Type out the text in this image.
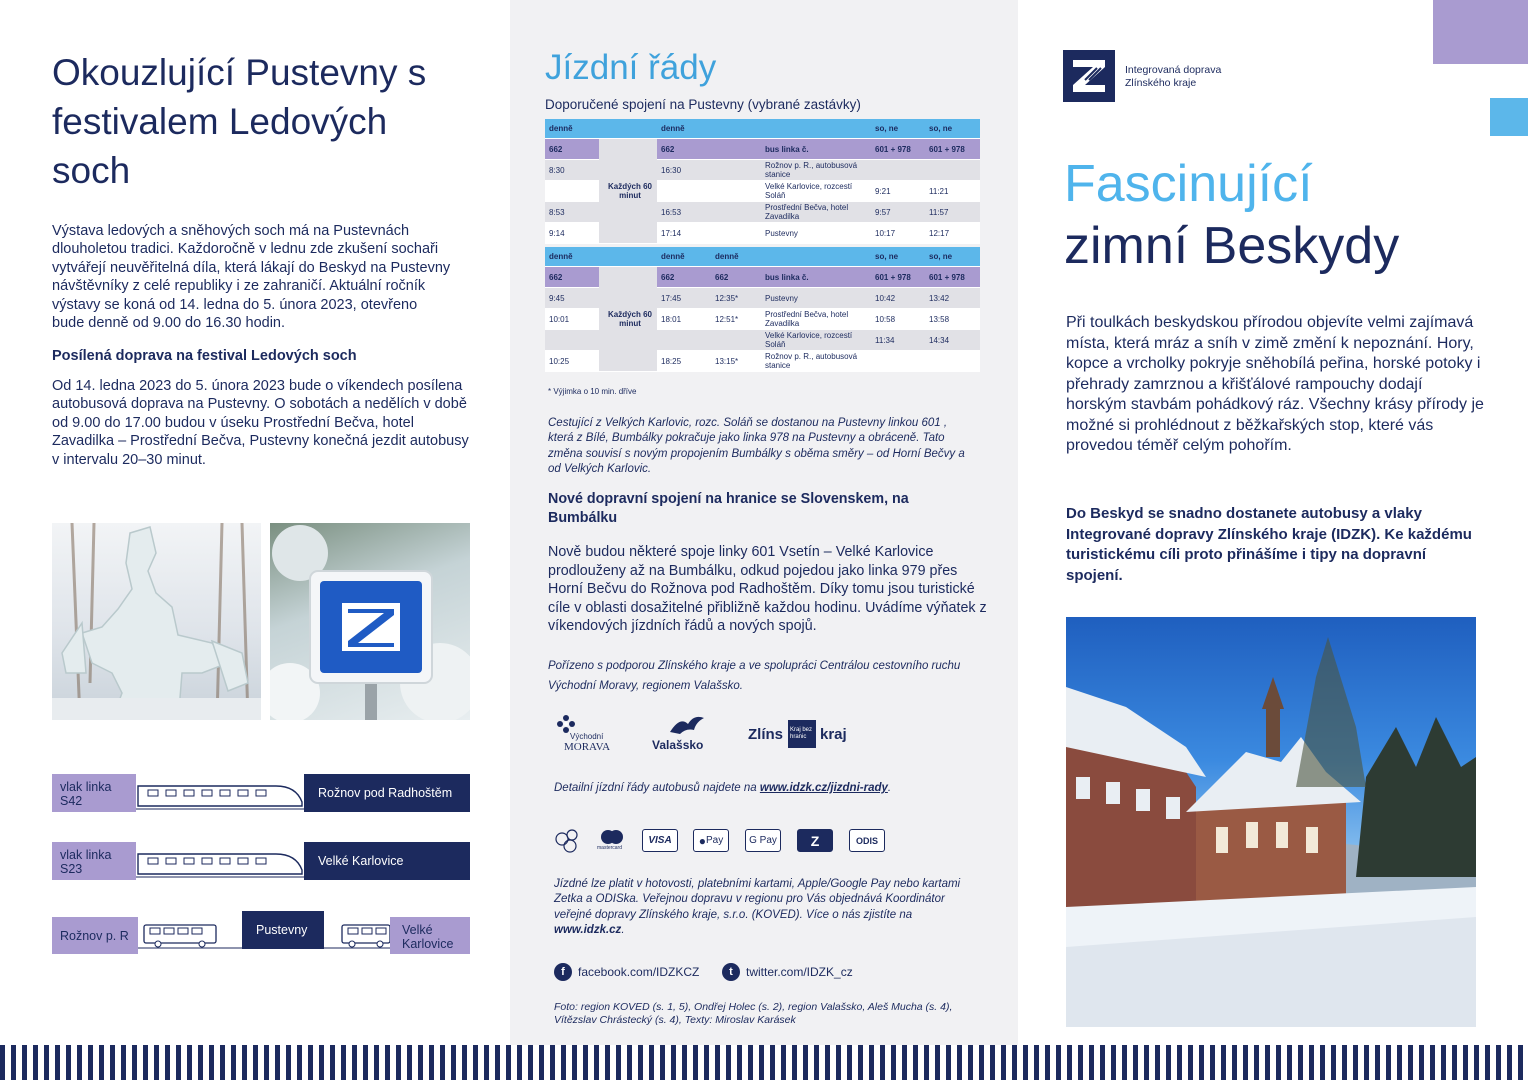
Okouzlující Pustevny s festivalem Ledových soch
Výstava ledových a sněhových soch má na Pustevnách dlouholetou tradici. Každoročně v lednu zde zkušení sochaři vytvářejí neuvěřitelná díla, která lákají do Beskyd na Pustevny návštěvníky z celé republiky i ze zahraničí. Aktuální ročník výstavy se koná od 14. ledna do 5. února 2023, otevřeno bude denně od 9.00 do 16.30 hodin.
Posílená doprava na festival Ledových soch
Od 14. ledna 2023 do 5. února 2023 bude o víkendech posílena autobusová doprava na Pustevny. O sobotách a nedělích v době od 9.00 do 17.00 budou v úseku Prostřední Bečva, hotel Zavadilka – Prostřední Bečva, Pustevny konečná jezdit autobusy v intervalu 20–30 minut.
vlak linka S42
Rožnov pod Radhoštěm
vlak linka S23
Velké Karlovice
Rožnov p. R	Pustevny	Velké Karlovice
Jízdní řády
Doporučené spojení na Pustevny (vybrané zastávky)
denně		denně		so, ne	so, ne
662	Každých 60 minut	662	bus linka č.	601 + 978	601 + 978
8:30		16:30	Rožnov p. R., autobusová stanice		
			Velké Karlovice, rozcestí Soláň	9:21	11:21
8:53		16:53	Prostřední Bečva, hotel Zavadilka	9:57	11:57
9:14		17:14	Pustevny	10:17	12:17
denně		denně	denně		so, ne	so, ne
662	Každých 60 minut	662	662	bus linka č.	601 + 978	601 + 978
9:45		17:45	12:35*	Pustevny	10:42	13:42
10:01		18:01	12:51*	Prostřední Bečva, hotel Zavadilka	10:58	13:58
				Velké Karlovice, rozcestí Soláň	11:34	14:34
10:25		18:25	13:15*	Rožnov p. R., autobusová stanice		
* Výjimka o 10 min. dříve
Cestující z Velkých Karlovic, rozc. Soláň se dostanou na Pustevny linkou 601 , která z Bílé, Bumbálky pokračuje jako linka 978 na Pustevny a obráceně. Tato změna souvisí s novým propojením Bumbálky s oběma směry – od Horní Bečvy a od Velkých Karlovic.
Nové dopravní spojení na hranice se Slovenskem, na Bumbálku
Nově budou některé spoje linky 601 Vsetín – Velké Karlovice prodlouženy až na Bumbálku, odkud pojedou jako linka 979 přes Horní Bečvu do Rožnova pod Radhoštěm. Díky tomu jsou turistické cíle v oblasti dosažitelné přibližně každou hodinu. Uvádíme výňatek z víkendových jízdních řádů a nových spojů.
Pořízeno s podporou Zlínského kraje a ve spolupráci Centrálou cestovního ruchu Východní Moravy, regionem Valašsko.
Východní
MORAVA	Valašsko
Zlíns	Kraj bez hranic kraj
Detailní jízdní řády autobusů najdete na www.idzk.cz/jizdni-rady.
mastercard
VISA	● Pay	G Pay	Z	ODIS
Jízdné lze platit v hotovosti, platebními kartami, Apple/Google Pay nebo kartami Zetka a ODISka. Veřejnou dopravu v regionu pro Vás objednává Koordinátor veřejné dopravy Zlínského kraje, s.r.o. (KOVED). Více o nás zjistíte na www.idzk.cz.
f	facebook.com/IDZKCZ	t	twitter.com/IDZK_cz
Foto: region KOVED (s. 1, 5), Ondřej Holec (s. 2), region Valašsko, Aleš Mucha (s. 4), Vítězslav Chrástecký (s. 4), Texty: Miroslav Karásek
Integrovaná doprava
Zlínského kraje
Fascinující
zimní Beskydy
Při toulkách beskydskou přírodou objevíte velmi zajímavá místa, která mráz a sníh v zimě změní k nepoznání. Hory, kopce a vrcholky pokryje sněhobílá peřina, horské potoky i přehrady zamrznou a křišťálové rampouchy dodají horským stavbám pohádkový ráz. Všechny krásy přírody je možné si prohlédnout z běžkařských stop, které vás provedou téměř celým pohořím.
Do Beskyd se snadno dostanete autobusy a vlaky Integrované dopravy Zlínského kraje (IDZK). Ke každému turistickému cíli proto přinášíme i tipy na dopravní spojení.
